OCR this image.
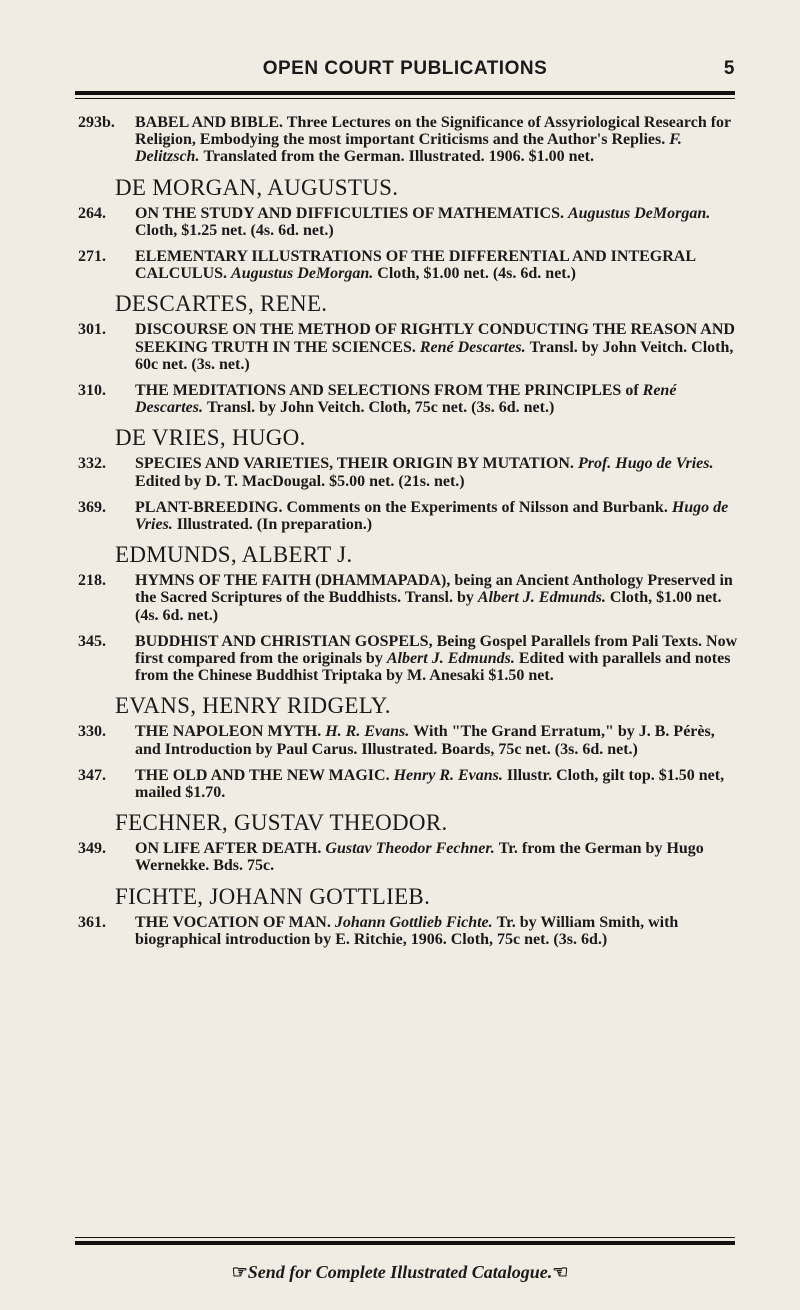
OPEN COURT PUBLICATIONS	5
293b.	BABEL AND BIBLE. Three Lectures on the Significance of Assyriological Research for Religion, Embodying the most important Criticisms and the Author's Replies. F. Delitzsch. Translated from the German. Illustrated. 1906. $1.00 net.
DE MORGAN, AUGUSTUS.
264.	ON THE STUDY AND DIFFICULTIES OF MATHEMATICS. Augustus DeMorgan. Cloth, $1.25 net. (4s. 6d. net.)
271.	ELEMENTARY ILLUSTRATIONS OF THE DIFFERENTIAL AND INTEGRAL CALCULUS. Augustus DeMorgan. Cloth, $1.00 net. (4s. 6d. net.)
DESCARTES, RENE.
301.	DISCOURSE ON THE METHOD OF RIGHTLY CONDUCTING THE REASON AND SEEKING TRUTH IN THE SCIENCES. René Descartes. Transl. by John Veitch. Cloth, 60c net. (3s. net.)
310.	THE MEDITATIONS AND SELECTIONS FROM THE PRINCIPLES of René Descartes. Transl. by John Veitch. Cloth, 75c net. (3s. 6d. net.)
DE VRIES, HUGO.
332.	SPECIES AND VARIETIES, THEIR ORIGIN BY MUTATION. Prof. Hugo de Vries. Edited by D. T. MacDougal. $5.00 net. (21s. net.)
369.	PLANT-BREEDING. Comments on the Experiments of Nilsson and Burbank. Hugo de Vries. Illustrated. (In preparation.)
EDMUNDS, ALBERT J.
218.	HYMNS OF THE FAITH (DHAMMAPADA), being an Ancient Anthology Preserved in the Sacred Scriptures of the Buddhists. Transl. by Albert J. Edmunds. Cloth, $1.00 net. (4s. 6d. net.)
345.	BUDDHIST AND CHRISTIAN GOSPELS, Being Gospel Parallels from Pali Texts. Now first compared from the originals by Albert J. Edmunds. Edited with parallels and notes from the Chinese Buddhist Triptaka by M. Anesaki $1.50 net.
EVANS, HENRY RIDGELY.
330.	THE NAPOLEON MYTH. H. R. Evans. With "The Grand Erratum," by J. B. Pérès, and Introduction by Paul Carus. Illustrated. Boards, 75c net. (3s. 6d. net.)
347.	THE OLD AND THE NEW MAGIC. Henry R. Evans. Illustr. Cloth, gilt top. $1.50 net, mailed $1.70.
FECHNER, GUSTAV THEODOR.
349.	ON LIFE AFTER DEATH. Gustav Theodor Fechner. Tr. from the German by Hugo Wernekke. Bds. 75c.
FICHTE, JOHANN GOTTLIEB.
361.	THE VOCATION OF MAN. Johann Gottlieb Fichte. Tr. by William Smith, with biographical introduction by E. Ritchie, 1906. Cloth, 75c net. (3s. 6d.)
☞Send for Complete Illustrated Catalogue.☜
